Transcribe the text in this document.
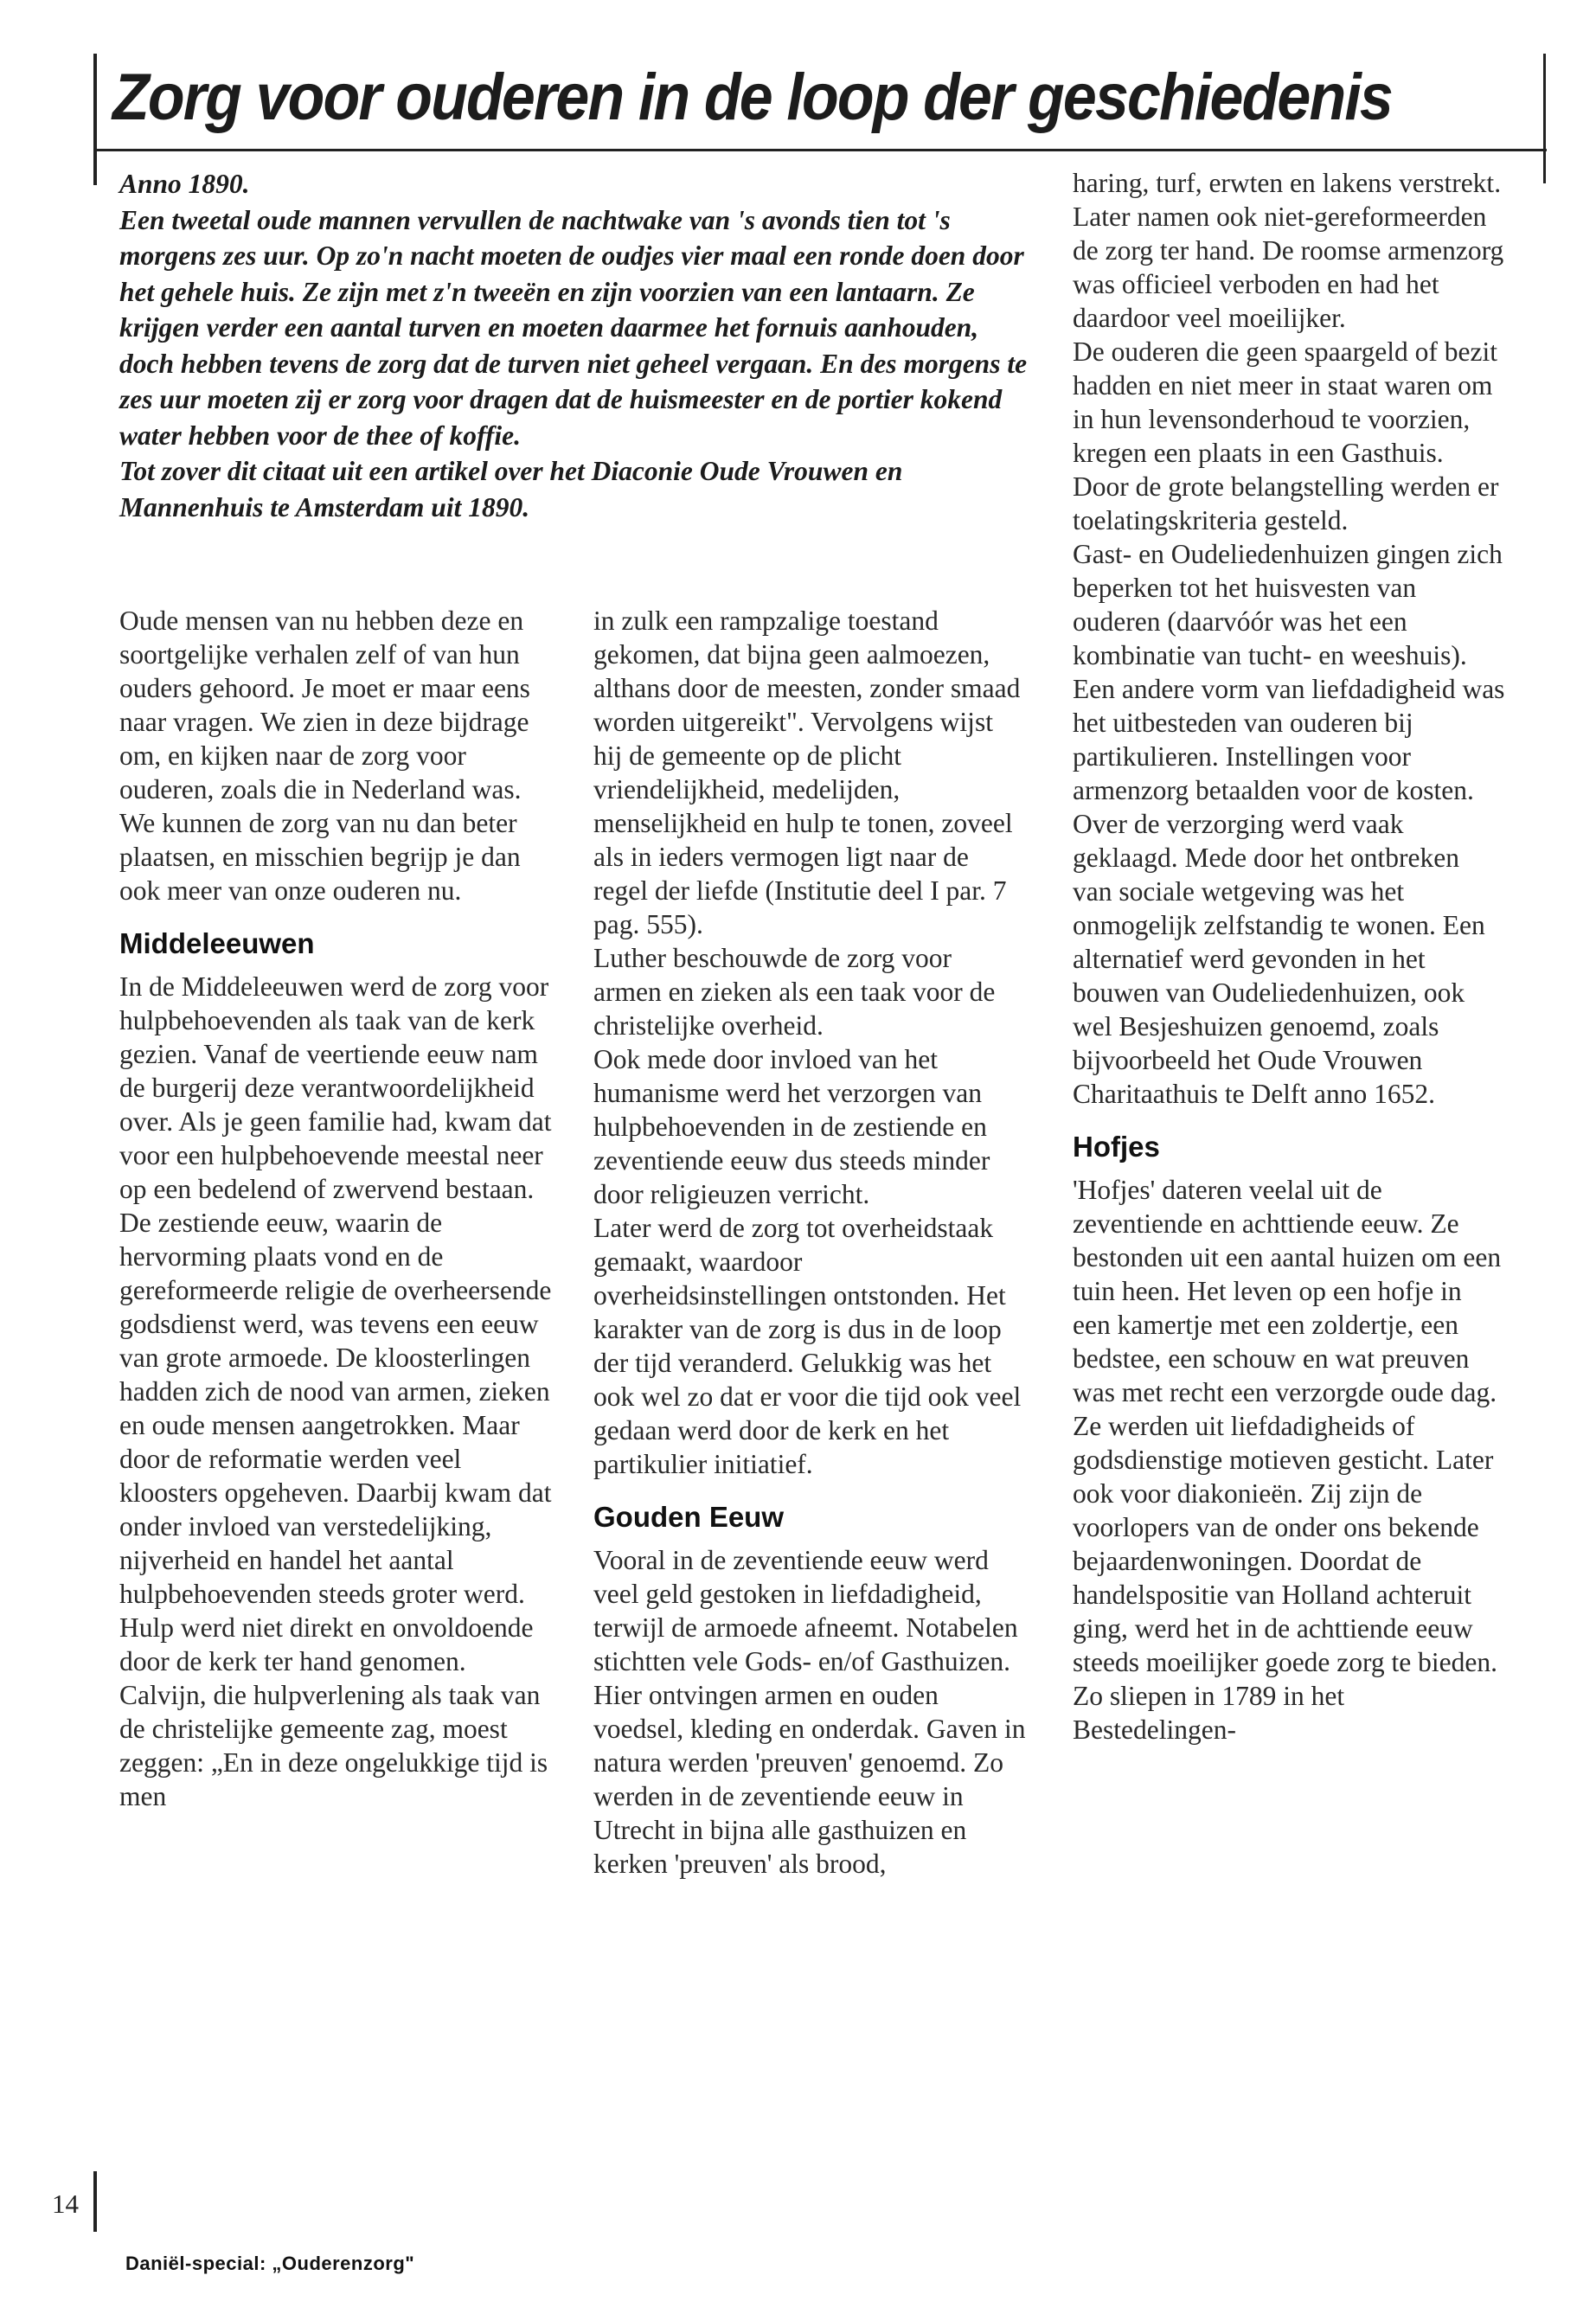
Zorg voor ouderen in de loop der geschiedenis

Anno 1890.

Een tweetal oude mannen vervullen de nachtwake van 's avonds tien tot 's morgens zes uur. Op zo'n nacht moeten de oudjes vier maal een ronde doen door het gehele huis. Ze zijn met z'n tweeën en zijn voorzien van een lantaarn. Ze krijgen verder een aantal turven en moeten daarmee het fornuis aanhouden, doch hebben tevens de zorg dat de turven niet geheel vergaan. En des morgens te zes uur moeten zij er zorg voor dragen dat de huismeester en de portier kokend water hebben voor de thee of koffie.

Tot zover dit citaat uit een artikel over het Diaconie Oude Vrouwen en Mannenhuis te Amsterdam uit 1890.

Oude mensen van nu hebben deze en soortgelijke verhalen zelf of van hun ouders gehoord. Je moet er maar eens naar vragen. We zien in deze bijdrage om, en kijken naar de zorg voor ouderen, zoals die in Nederland was. We kunnen de zorg van nu dan beter plaatsen, en misschien begrijp je dan ook meer van onze ouderen nu.

Middeleeuwen

In de Middeleeuwen werd de zorg voor hulpbehoevenden als taak van de kerk gezien. Vanaf de veertiende eeuw nam de burgerij deze verantwoordelijkheid over. Als je geen familie had, kwam dat voor een hulpbehoevende meestal neer op een bedelend of zwervend bestaan.

De zestiende eeuw, waarin de hervorming plaats vond en de gereformeerde religie de overheersende godsdienst werd, was tevens een eeuw van grote armoede. De kloosterlingen hadden zich de nood van armen, zieken en oude mensen aangetrokken. Maar door de reformatie werden veel kloosters opgeheven. Daarbij kwam dat onder invloed van verstedelijking, nijverheid en handel het aantal hulpbehoevenden steeds groter werd. Hulp werd niet direkt en onvoldoende door de kerk ter hand genomen. Calvijn, die hulpverlening als taak van de christelijke gemeente zag, moest zeggen: „En in deze ongelukkige tijd is men

in zulk een rampzalige toestand gekomen, dat bijna geen aalmoezen, althans door de meesten, zonder smaad worden uitgereikt". Vervolgens wijst hij de gemeente op de plicht vriendelijkheid, medelijden, menselijkheid en hulp te tonen, zoveel als in ieders vermogen ligt naar de regel der liefde (Institutie deel I par. 7 pag. 555).

Luther beschouwde de zorg voor armen en zieken als een taak voor de christelijke overheid.

Ook mede door invloed van het humanisme werd het verzorgen van hulpbehoevenden in de zestiende en zeventiende eeuw dus steeds minder door religieuzen verricht.

Later werd de zorg tot overheidstaak gemaakt, waardoor overheidsinstellingen ontstonden. Het karakter van de zorg is dus in de loop der tijd veranderd. Gelukkig was het ook wel zo dat er voor die tijd ook veel gedaan werd door de kerk en het partikulier initiatief.

Gouden Eeuw

Vooral in de zeventiende eeuw werd veel geld gestoken in liefdadigheid, terwijl de armoede afneemt. Notabelen stichtten vele Gods- en/of Gasthuizen. Hier ontvingen armen en ouden voedsel, kleding en onderdak. Gaven in natura werden 'preuven' genoemd. Zo werden in de zeventiende eeuw in Utrecht in bijna alle gasthuizen en kerken 'preuven' als brood,

haring, turf, erwten en lakens verstrekt.

Later namen ook niet-gereformeerden de zorg ter hand. De roomse armenzorg was officieel verboden en had het daardoor veel moeilijker.

De ouderen die geen spaargeld of bezit hadden en niet meer in staat waren om in hun levensonderhoud te voorzien, kregen een plaats in een Gasthuis. Door de grote belangstelling werden er toelatingskriteria gesteld.

Gast- en Oudeliedenhuizen gingen zich beperken tot het huisvesten van ouderen (daarvóór was het een kombinatie van tucht- en weeshuis).

Een andere vorm van liefdadigheid was het uitbesteden van ouderen bij partikulieren. Instellingen voor armenzorg betaalden voor de kosten. Over de verzorging werd vaak geklaagd. Mede door het ontbreken van sociale wetgeving was het onmogelijk zelfstandig te wonen. Een alternatief werd gevonden in het bouwen van Oudeliedenhuizen, ook wel Besjeshuizen genoemd, zoals bijvoorbeeld het Oude Vrouwen Charitaathuis te Delft anno 1652.

Hofjes

'Hofjes' dateren veelal uit de zeventiende en achttiende eeuw. Ze bestonden uit een aantal huizen om een tuin heen. Het leven op een hofje in een kamertje met een zoldertje, een bedstee, een schouw en wat preuven was met recht een verzorgde oude dag. Ze werden uit liefdadigheids of godsdienstige motieven gesticht. Later ook voor diakonieën. Zij zijn de voorlopers van de onder ons bekende bejaardenwoningen. Doordat de handelspositie van Holland achteruit ging, werd het in de achttiende eeuw steeds moeilijker goede zorg te bieden. Zo sliepen in 1789 in het Bestedelingen-

14
Daniël-special: „Ouderenzorg"
